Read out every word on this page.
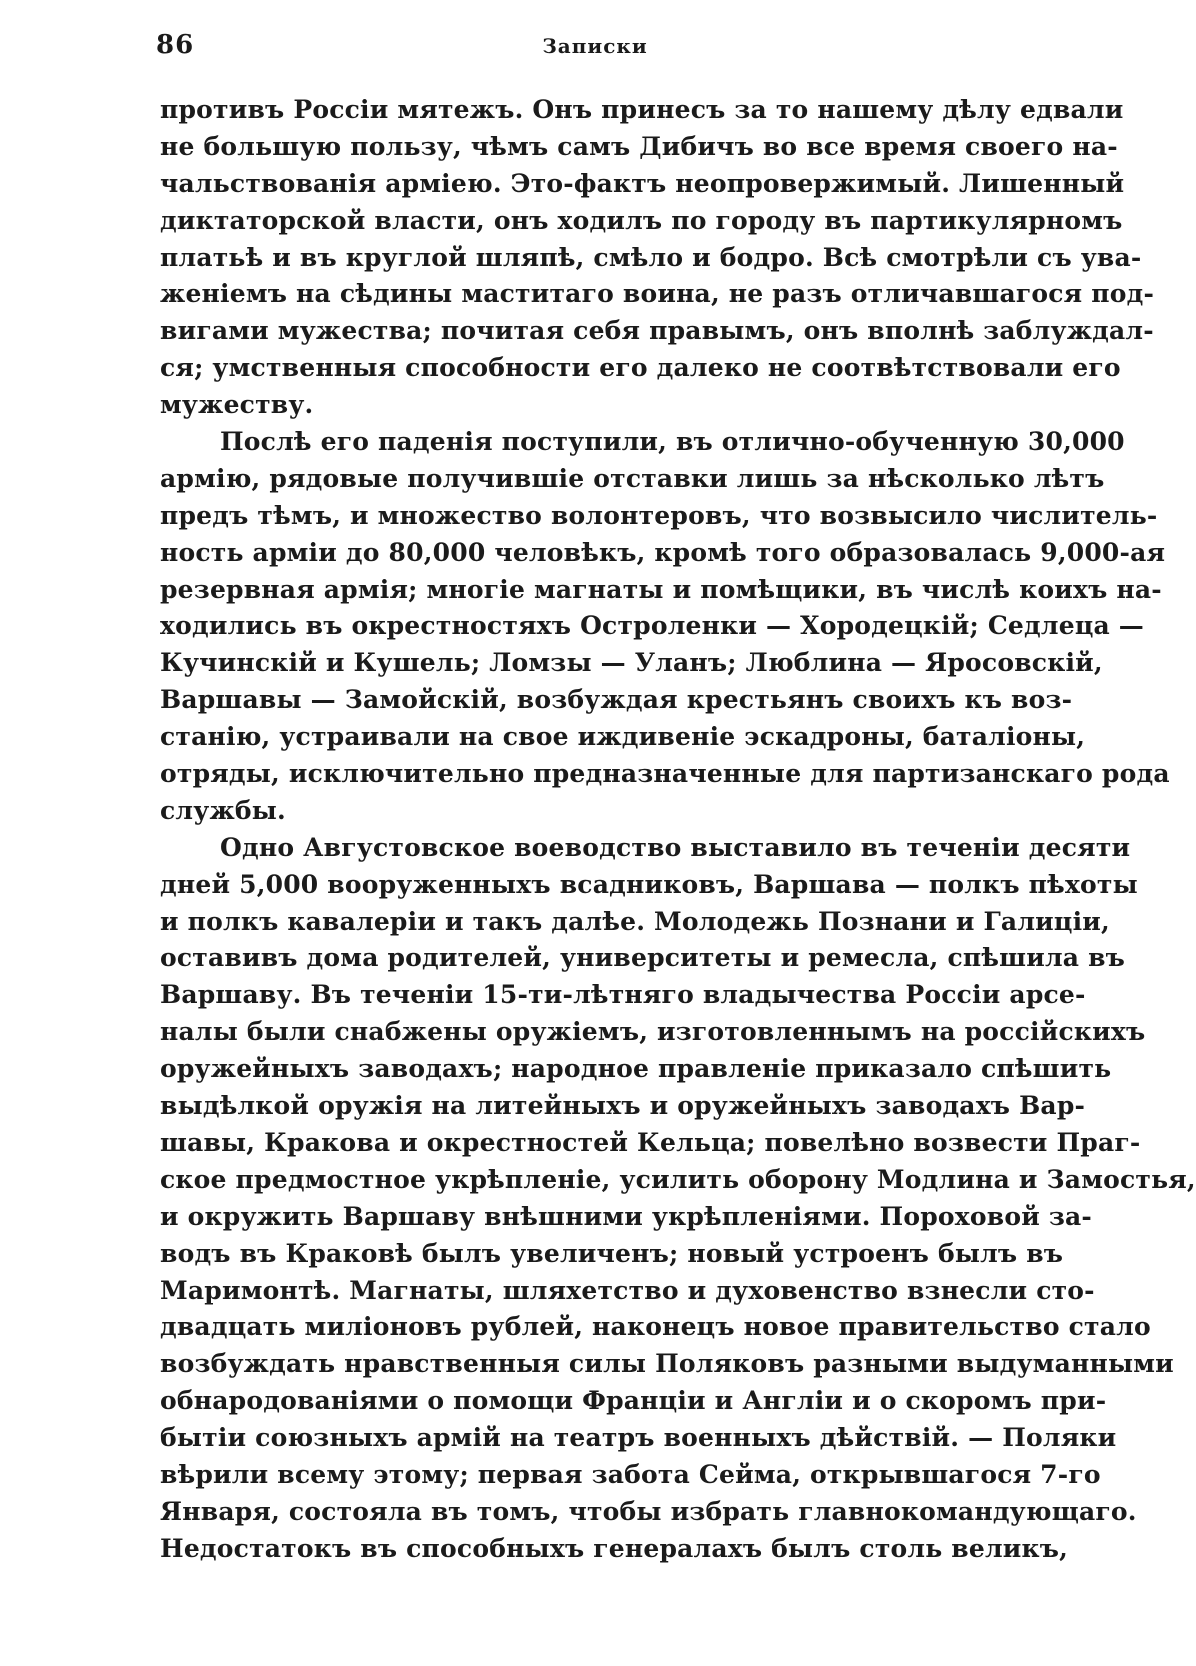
86	Записки
противъ Россiи мятежъ. Онъ принесъ за то нашему дѣлу едвали
не большую пользу, чѣмъ самъ Дибичъ во все время своего на-
чальствованiя армiею. Это-фактъ неопровержимый. Лишенный
диктаторской власти, онъ ходилъ по городу въ партикулярномъ
платьѣ и въ круглой шляпѣ, смѣло и бодро. Всѣ смотрѣли съ ува-
женiемъ на сѣдины маститаго воина, не разъ отличавшагося под-
вигами мужества; почитая себя правымъ, онъ вполнѣ заблуждал-
ся; умственныя способности его далеко не соотвѣтствовали его
мужеству.
Послѣ его паденiя поступили, въ отлично-обученную 30,000
армiю, рядовые получившiе отставки лишь за нѣсколько лѣтъ
предъ тѣмъ, и множество волонтеровъ, что возвысило числитель-
ность армiи до 80,000 человѣкъ, кромѣ того образовалась 9,000-ая
резервная армiя; многiе магнаты и помѣщики, въ числѣ коихъ на-
ходились въ окрестностяхъ Остроленки — Хородецкiй; Седлеца —
Кучинскiй и Кушель; Ломзы — Уланъ; Люблина — Яросовскiй,
Варшавы — Замойскiй, возбуждая крестьянъ своихъ къ воз-
станiю, устраивали на свое иждивенiе эскадроны, баталiоны,
отряды, исключительно предназначенные для партизанскаго рода
службы.
Одно Августовское воеводство выставило въ теченiи десяти
дней 5,000 вооруженныхъ всадниковъ, Варшава — полкъ пѣхоты
и полкъ кавалерiи и такъ далѣе. Молодежь Познани и Галицiи,
оставивъ дома родителей, университеты и ремесла, спѣшила въ
Варшаву. Въ теченiи 15-ти-лѣтняго владычества Россiи арсе-
налы были снабжены оружiемъ, изготовленнымъ на россiйскихъ
оружейныхъ заводахъ; народное правленiе приказало спѣшить
выдѣлкой оружiя на литейныхъ и оружейныхъ заводахъ Вар-
шавы, Кракова и окрестностей Кельца; повелѣно возвести Праг-
ское предмостное укрѣпленiе, усилить оборону Модлина и Замостья,
и окружить Варшаву внѣшними укрѣпленiями. Пороховой за-
водъ въ Краковѣ былъ увеличенъ; новый устроенъ былъ въ
Маримонтѣ. Магнаты, шляхетство и духовенство взнесли сто-
двадцать милiоновъ рублей, наконецъ новое правительство стало
возбуждать нравственныя силы Поляковъ разными выдуманными
обнародованiями о помощи Францiи и Англiи и о скоромъ при-
бытiи союзныхъ армiй на театръ военныхъ дѣйствiй. — Поляки
вѣрили всему этому; первая забота Сейма, открывшагося 7-го
Января, состояла въ томъ, чтобы избрать главнокомандующаго.
Недостатокъ въ способныхъ генералахъ былъ столь великъ,
